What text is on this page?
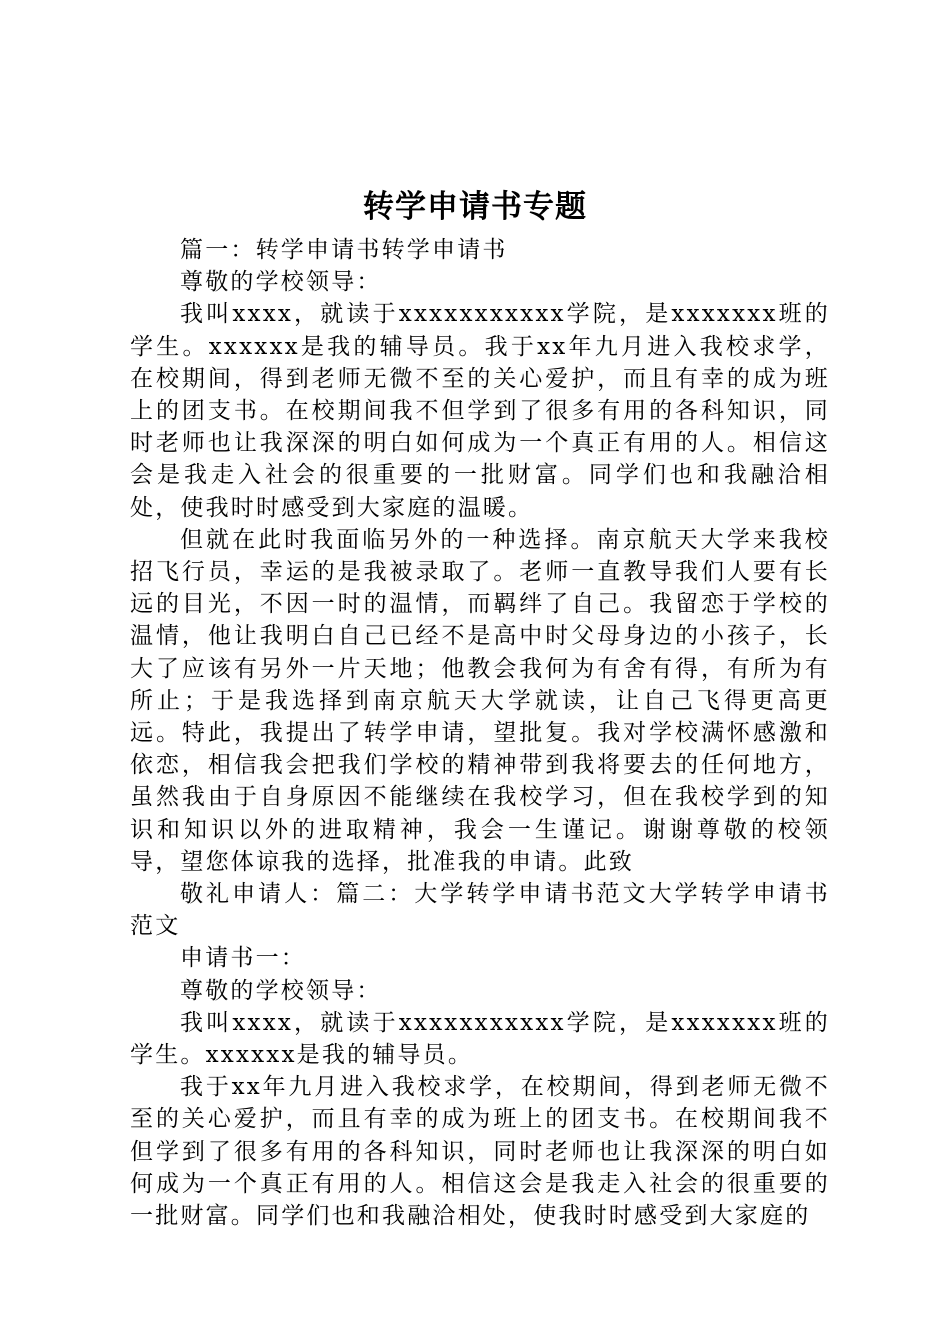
转学申请书专题

篇一：转学申请书转学申请书

尊敬的学校领导：

我叫xxxx，就读于xxxxxxxxxxx学院，是xxxxxxx班的学生。xxxxxx是我的辅导员。我于xx年九月进入我校求学，在校期间，得到老师无微不至的关心爱护，而且有幸的成为班上的团支书。在校期间我不但学到了很多有用的各科知识，同时老师也让我深深的明白如何成为一个真正有用的人。相信这会是我走入社会的很重要的一批财富。同学们也和我融洽相处，使我时时感受到大家庭的温暖。

但就在此时我面临另外的一种选择。南京航天大学来我校招飞行员，幸运的是我被录取了。老师一直教导我们人要有长远的目光，不因一时的温情，而羁绊了自己。我留恋于学校的温情，他让我明白自己已经不是高中时父母身边的小孩子，长大了应该有另外一片天地；他教会我何为有舍有得，有所为有所止；于是我选择到南京航天大学就读，让自己飞得更高更远。特此，我提出了转学申请，望批复。我对学校满怀感激和依恋，相信我会把我们学校的精神带到我将要去的任何地方，虽然我由于自身原因不能继续在我校学习，但在我校学到的知识和知识以外的进取精神，我会一生谨记。谢谢尊敬的校领导，望您体谅我的选择，批准我的申请。此致

敬礼申请人：篇二：大学转学申请书范文大学转学申请书范文

申请书一：

尊敬的学校领导：

我叫xxxx，就读于xxxxxxxxxxx学院，是xxxxxxx班的学生。xxxxxx是我的辅导员。

我于xx年九月进入我校求学，在校期间，得到老师无微不至的关心爱护，而且有幸的成为班上的团支书。在校期间我不但学到了很多有用的各科知识，同时老师也让我深深的明白如何成为一个真正有用的人。相信这会是我走入社会的很重要的一批财富。同学们也和我融洽相处，使我时时感受到大家庭的
